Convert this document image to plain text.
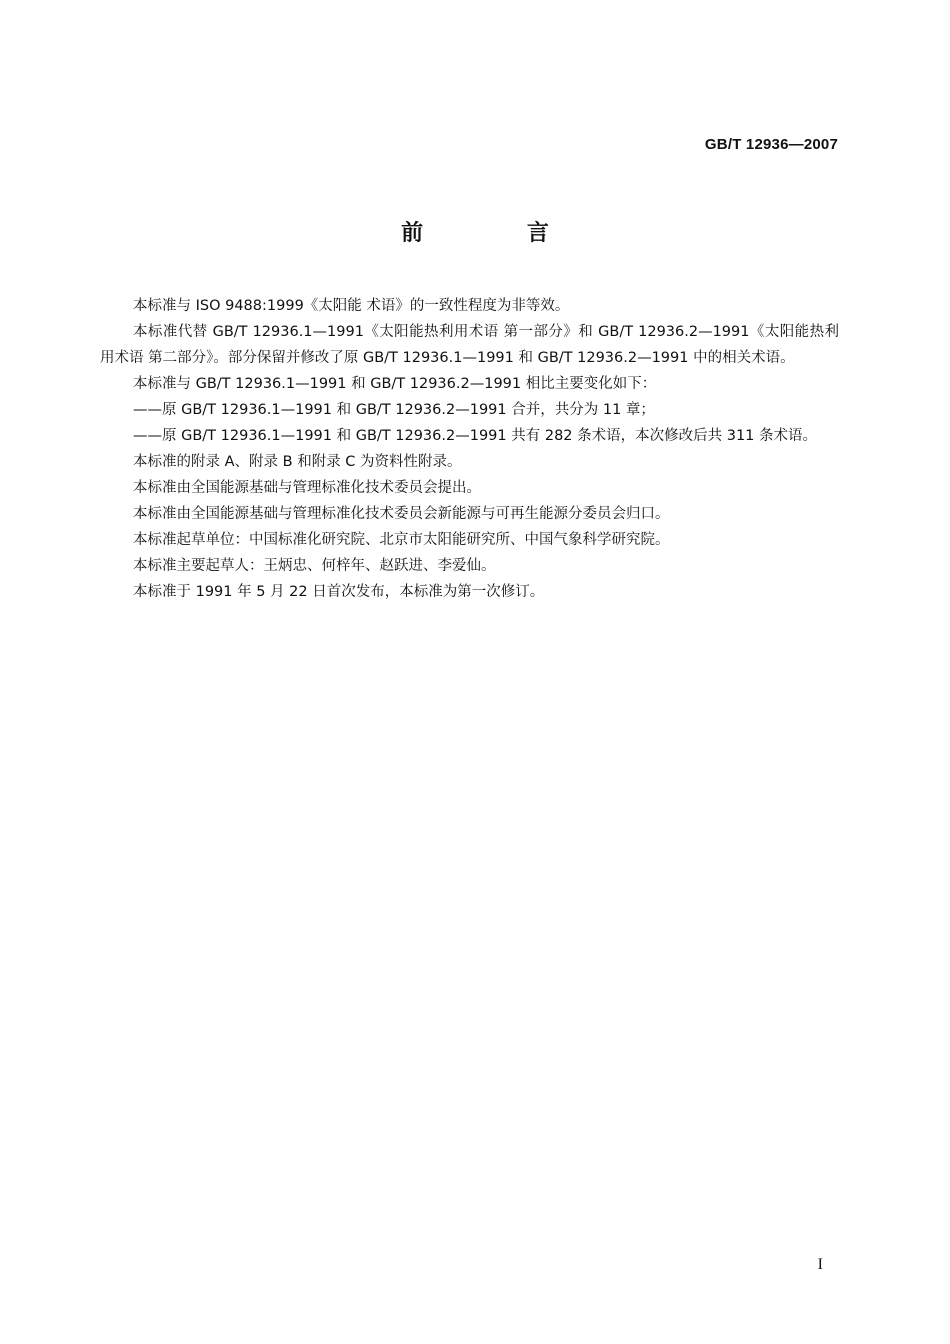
GB/T 12936—2007
前 言

本标准与 ISO 9488:1999《太阳能 术语》的一致性程度为非等效。

本标准代替 GB/T 12936.1—1991《太阳能热利用术语 第一部分》和 GB/T 12936.2—1991《太阳能热利用术语 第二部分》。部分保留并修改了原 GB/T 12936.1—1991 和 GB/T 12936.2—1991 中的相关术语。

本标准与 GB/T 12936.1—1991 和 GB/T 12936.2—1991 相比主要变化如下：

——原 GB/T 12936.1—1991 和 GB/T 12936.2—1991 合并，共分为 11 章；

——原 GB/T 12936.1—1991 和 GB/T 12936.2—1991 共有 282 条术语，本次修改后共 311 条术语。

本标准的附录 A、附录 B 和附录 C 为资料性附录。

本标准由全国能源基础与管理标准化技术委员会提出。

本标准由全国能源基础与管理标准化技术委员会新能源与可再生能源分委员会归口。

本标准起草单位：中国标准化研究院、北京市太阳能研究所、中国气象科学研究院。

本标准主要起草人：王炳忠、何梓年、赵跃进、李爱仙。

本标准于 1991 年 5 月 22 日首次发布，本标准为第一次修订。

I
